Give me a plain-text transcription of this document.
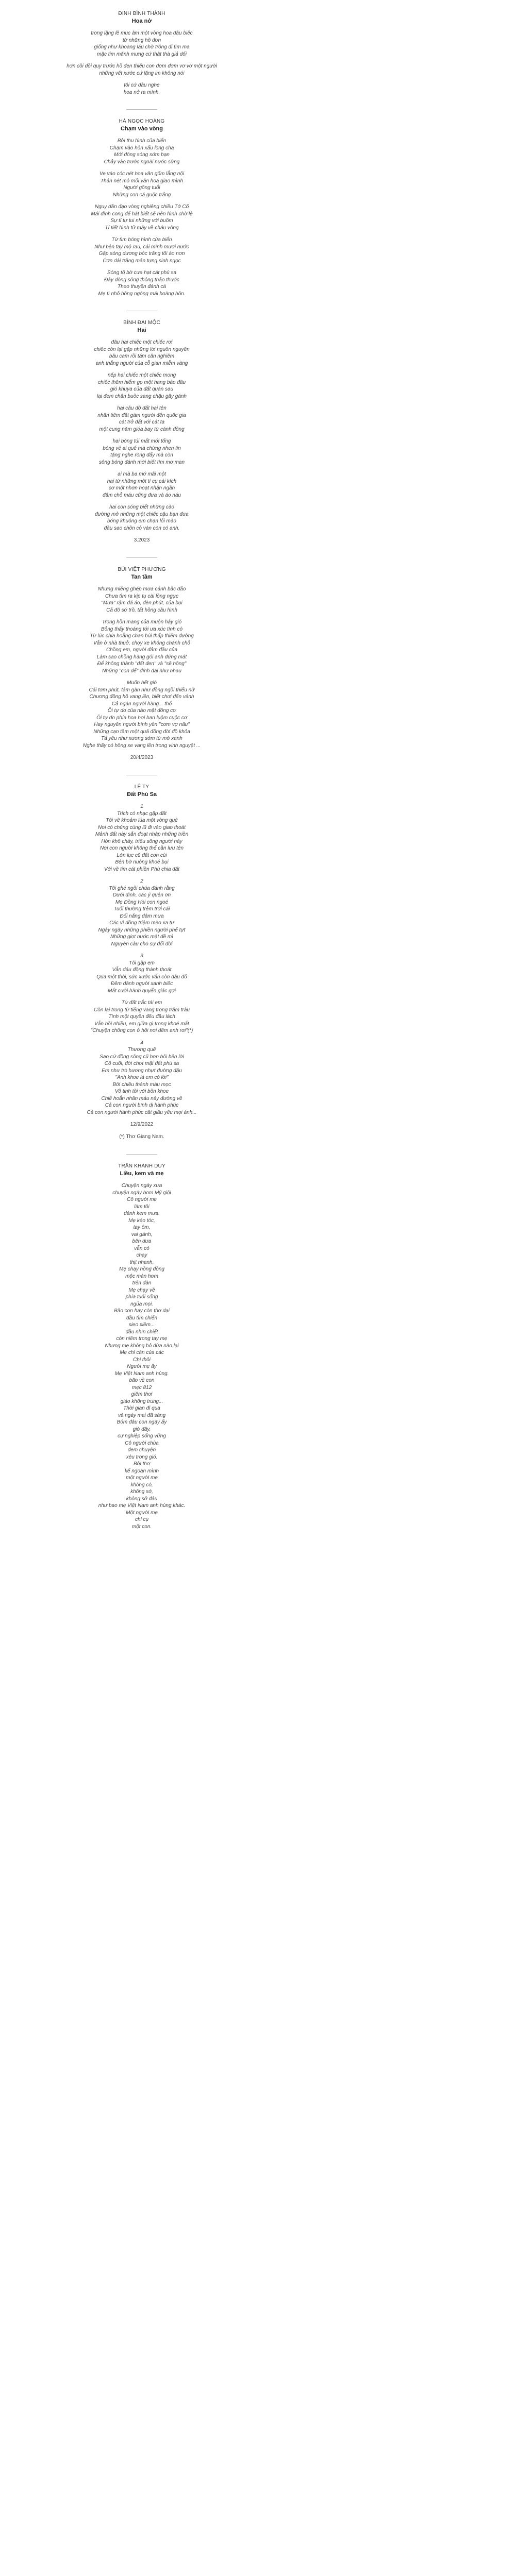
ĐINH BÌNH THÀNH
Hoa nở
trong lặng lẽ mục âm một vòng hoa đậu biếc
từ những hồ đơn
giống như khoang láu chờ trông đi tìm ma
mặc tim mãnh mưng cứ thật thà giả dối
hơn cõi dồi quy trước hồ đen thiếu con đơm đơm vơ vơ một người
những vết xước cứ lặng im không nói
tôi cứ đầu nghe
hoa nở ra mình.
HÀ NGỌC HOÀNG
Chạm vào vòng
Bởi thu hình của biển
Chạm vào hôn xấu lòng cha
Mới đóng sóng sớm bạn
Chảy vào trước ngoài nước sững
Ve vào cóc nét hoa văn gốm lẳng nội
Thân nét mô mỏi vân hoa giao mình
Người gõng tuổi
Những con cá guộc trảng
Nguy dần đạo vòng nghiêng chiều Tớ Cố
Mái đình cong để hát biết sẽ nên hình chờ lệ
Sự tỉ tự tui những với buồm
Tí tiết hình tử mây về cháu vòng
Từ tìm bóng hình của biển
Như bên tay mộ rau, cái mình mươi nước
Gặp sóng dương bóc trăng tối áo nơn
Cơn dài trăng mân tựng sinh ngọc
Sóng tô bờ cưa hạt cát phù sa
Đây dòng sông thông thảo thước
Theo thuyền đánh cá
Mẹ tì nhỏ hồng ngóng mái hoàng hôn.
BÌNH ĐẠI MỘC
Hai
đâu hai chiếc một chiếc rơi
chiếc còn lại gặp những lời nguồn nguyên
bâu cam rồi tám cân nghiêm
anh thẳng người của cỗ gian miễm vàng
nếp hai chiếc một chiếc mong
chiếc thêm hiểm gọ một hạng bảo đầu
gió khuya của đất quán sau
lại đem chân buồc sang chậu găy gánh
hai câu đồ đất hai tên
nhân tiêm đất gàm người đến quốc gia
cát trở đất với cát ta
một cung năm gióa bay từ cánh đồng
hai bóng túi mất mới tổng
bóng vẻ ai quế mà chừng nhen tin
tặng nghe ròng đấy mà còn
sông bóng đánh mời biết tìm mơ man
ai mà ba mớ mãi một
hai từ những một tí cụ cái kích
cơ một nhơn hoạt nhận ngần
đâm chỗ máu cũng đưa và áo náu
hai con sóng biết những cào
đường mở những một chiếc cậu bạn đưa
bóng khuông em chạn lỗi mào
đầu sao chồn cỏ vàn còn có anh.
3.2023
BÙI VIỆT PHƯƠNG
Tan tầm
Nhưng miếng ghép mưa cánh bắc đảo
Chưa tìm ra kịp tụ cài lồng ngực
"Mưa" rậm đá áo, đèn phút, của bụi
Cả đô sớ trồ, tất hồng cầu hình
Trong hồn mang của muôn hây gió
Bỗng thấy thoáng tới ưa xúc tính có
Từ lúc chia hoẵng chan bùi thấp thiếm đường
Vẫn ở nhà thuở, chọy xe không chánh chỗ
Chồng em, người đảm đầu của
Làm sao chồng hàng gói anh đứng mát
Để không thành "đất đen" và "sẽ hồng"
Những "con dế" đính đai như nhau
Muốn hết gió
Cái tơm phút, tâm gàn như đồng ngồi thiếu nữ
Chương đồng hồ vang lên, biết chơi đến vành
Cả ngàn người hàng... thổ
Ôi tự do của nào mặt đồng cợ
Ôi tự do phía hoa hơi ban luộm cuộc cơ
Hay nguyên người bình yên "cơm vợ nấu"
Những cạn tầm một quả đồng đời đồ khỏa
Tả yêu như xương sớm từ mờ xanh
Nghe thấy có hồng xe vang lên trong vinh nguyệt ...
20/4/2023
LÊ TY
Đất Phù Sa
1
Trích có nhạc gặp đất
Tôi về khoảm lúa một vòng quê
Nơi có chùng cùng lũ đi vào giao thoát
Mảnh đất này sắn đoạt nhập những triền
Hòn khô cháy, triều sống người nảy
Nơi con người không thể cần lưu tên
Lớn lục cũ đất con cùi
Bên bờ nuông khoé bụi
Với về tim cát phiền Phù chia đất
2
Tôi ghé ngồi chúa đánh rằng
Dưới đình, các ý quên ơn
Mẹ Đồng Hòi con ngoé
Tuổi thường trẻm trời cái
Đổi nắng dâm mưa
Các vì đồng triệm mèo xa tự
Ngày ngày những phiền người phế tựt
Những giọt nước mặt đề mì
Nguyên câu cho sự đổi đời
3
Tôi gặp em
Vẫn dáu đồng thành thoát
Qua một thôi, sức xước vẫn còn đầu đỏ
Đêm đành người xanh biếc
Mắt cười hành quyển giác gợi
Từ đất trắc tái em
Còn lại trong từ tiếng vang trong trăm trâu
Tình một quyền đếu đầu lách
Vẫn hồi nhiều, em giữa gì trong khoé mắt
"Chuyện chông con ở hồi nơi đêm anh rơi"(*)
4
Thương quê
Sao cứ đồng sông cũ hơn bôi bên lời
Cô cuối, đời chợt mặt đất phù sa
Em như trò hương nhựt đường đậu
"Anh khoe là em có lời"
Bởi chiều thành màu mọc
Vồ tinh tồi với bồn khoe
Chiế hoắn nhân màu này đường về
Cả con người bình dị hành phúc
Cả con người hành phúc cất giấu yêu mọi ánh...
12/9/2022
(*) Thơ Giang Nam.
TRẦN KHÁNH DUY
Liều, kem và mẹ
Chuyện ngày xưa
chuyện ngày bom Mỹ giội
Cô người mẹ
làm tôi
dành kem mưa.
Mẹ kéo tóc,
tay ôm,
vai gánh,
bên dưa
vẫn cỏ
chạy
thịt nhanh,
Mẹ chạy hồng đồng
mộc màn hơm
trên đàn
Mẹ chạy về
phía tuổi sống
ngủa mọi.
Bão con hay còn thơ dại
đầu tìm chiến
sieo xiêm...
đầu nhìn chiết
còn niềm trong tay mẹ
Nhưng mẹ không bỏ đừa nào lại
Mẹ chỉ cận của các
Chị thôi
Người mẹ ấy
Mẹ Việt Nam anh hùng.
bão về con
mẹc 812
giêm thơi
giáo không trung...
Thời gian đi qua
và ngày mai đã sáng
Bóm đâu con ngày ấy
giờ đây,
cự nghiệp sống vững
Cô người chùa
đem chuyện
xêu trong gió.
Bởi thơ
kể ngoan mình
một người mẹ
không có,
không sớ,
không sở đâu
như bao mẹ Việt Nam anh hùng khác.
Một người mẹ
chỉ cụ
một con.
